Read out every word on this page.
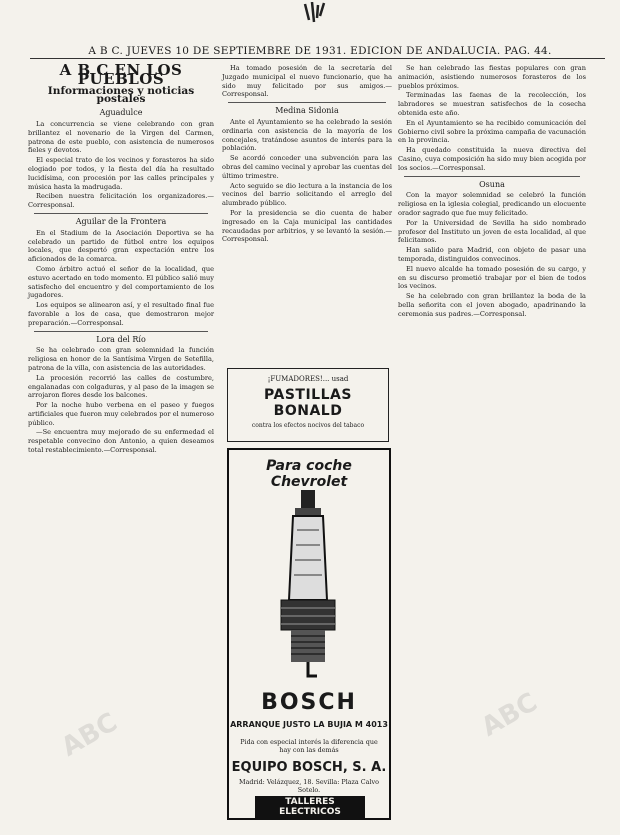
A B C. JUEVES 10 DE SEPTIEMBRE DE 1931. EDICION DE ANDALUCIA. PAG. 44.
A B C EN LOS PUEBLOS
Informaciones y noticias postales
Aguadulce

La concurrencia se viene celebrando con gran brillantez el novenario de la Virgen del Carmen, patrona de este pueblo, con asistencia de numerosos fieles y devotos.

El especial trato de los vecinos y forasteros ha sido elogiado por todos, y la fiesta del día ha resultado lucidísima, con procesión por las calles principales y música hasta la madrugada.

Reciben nuestra felicitación los organizadores.—Corresponsal.

Aguilar de la Frontera

En el Stadium de la Asociación Deportiva se ha celebrado un partido de fútbol entre los equipos locales, que despertó gran expectación entre los aficionados de la comarca.

Como árbitro actuó el señor de la localidad, que estuvo acertado en todo momento. El público salió muy satisfecho del encuentro y del comportamiento de los jugadores.

Los equipos se alinearon así, y el resultado final fue favorable a los de casa, que demostraron mejor preparación.—Corresponsal.

Lora del Río

Se ha celebrado con gran solemnidad la función religiosa en honor de la Santísima Virgen de Setefilla, patrona de la villa, con asistencia de las autoridades.

La procesión recorrió las calles de costumbre, engalanadas con colgaduras, y al paso de la imagen se arrojaron flores desde los balcones.

Por la noche hubo verbena en el paseo y fuegos artificiales que fueron muy celebrados por el numeroso público.

—Se encuentra muy mejorado de su enfermedad el respetable convecino don Antonio, a quien deseamos total restablecimiento.—Corresponsal.

Ha tomado posesión de la secretaría del Juzgado municipal el nuevo funcionario, que ha sido muy felicitado por sus amigos.—Corresponsal.

Medina Sidonia

Ante el Ayuntamiento se ha celebrado la sesión ordinaria con asistencia de la mayoría de los concejales, tratándose asuntos de interés para la población.

Se acordó conceder una subvención para las obras del camino vecinal y aprobar las cuentas del último trimestre.

Acto seguido se dio lectura a la instancia de los vecinos del barrio solicitando el arreglo del alumbrado público.

Por la presidencia se dio cuenta de haber ingresado en la Caja municipal las cantidades recaudadas por arbitrios, y se levantó la sesión.—Corresponsal.

¡FUMADORES!... usad
PASTILLAS BONALD
contra los efectos nocivos del tabaco
Para coche Chevrolet
BOSCH
ARRANQUE JUSTO LA BUJIA M 4013
Pida con especial interés la diferencia que hay con las demás
EQUIPO BOSCH, S. A.
Madrid: Velázquez, 18. Sevilla: Plaza Calvo Sotelo.
TALLERES ELECTRICOS

Se han celebrado las fiestas populares con gran animación, asistiendo numerosos forasteros de los pueblos próximos.

Terminadas las faenas de la recolección, los labradores se muestran satisfechos de la cosecha obtenida este año.

En el Ayuntamiento se ha recibido comunicación del Gobierno civil sobre la próxima campaña de vacunación en la provincia.

Ha quedado constituida la nueva directiva del Casino, cuya composición ha sido muy bien acogida por los socios.—Corresponsal.

Osuna

Con la mayor solemnidad se celebró la función religiosa en la iglesia colegial, predicando un elocuente orador sagrado que fue muy felicitado.

Por la Universidad de Sevilla ha sido nombrado profesor del Instituto un joven de esta localidad, al que felicitamos.

Han salido para Madrid, con objeto de pasar una temporada, distinguidos convecinos.

El nuevo alcalde ha tomado posesión de su cargo, y en su discurso prometió trabajar por el bien de todos los vecinos.

Se ha celebrado con gran brillantez la boda de la bella señorita con el joven abogado, apadrinando la ceremonia sus padres.—Corresponsal.

ABC	ABC
